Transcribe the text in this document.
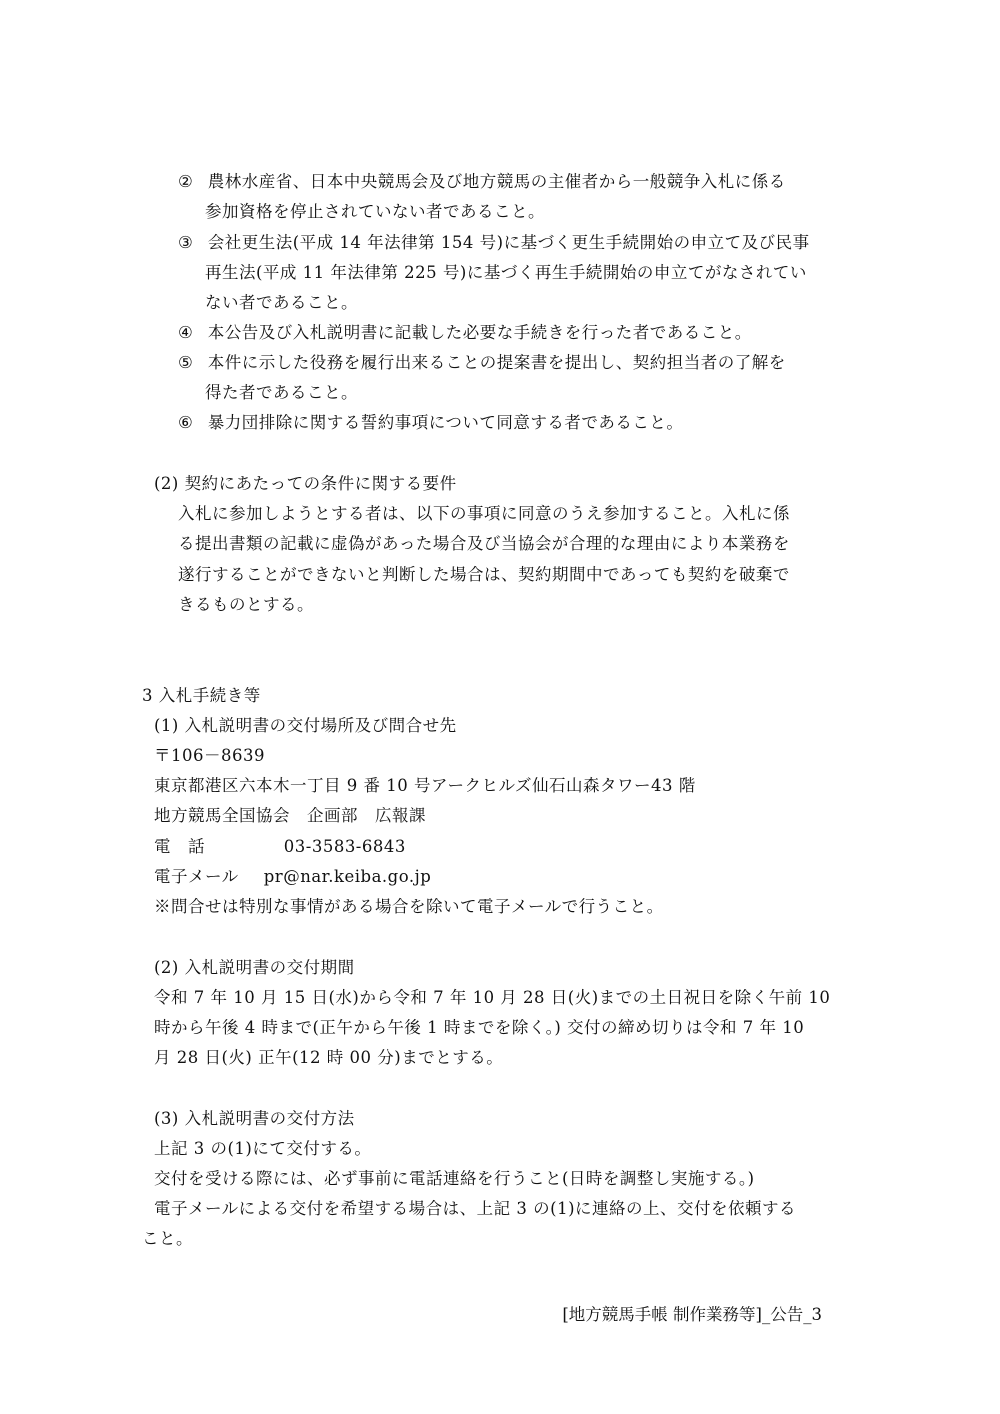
② 農林水産省、日本中央競馬会及び地方競馬の主催者から一般競争入札に係る
参加資格を停止されていない者であること。
③ 会社更生法(平成 14 年法律第 154 号)に基づく更生手続開始の申立て及び民事
再生法(平成 11 年法律第 225 号)に基づく再生手続開始の申立てがなされてい
ない者であること。
④ 本公告及び入札説明書に記載した必要な手続きを行った者であること。
⑤ 本件に示した役務を履行出来ることの提案書を提出し、契約担当者の了解を
得た者であること。
⑥ 暴力団排除に関する誓約事項について同意する者であること。
(2) 契約にあたっての条件に関する要件
入札に参加しようとする者は、以下の事項に同意のうえ参加すること。入札に係
る提出書類の記載に虚偽があった場合及び当協会が合理的な理由により本業務を
遂行することができないと判断した場合は、契約期間中であっても契約を破棄で
きるものとする。
3 入札手続き等
(1) 入札説明書の交付場所及び問合せ先
〒106－8639
東京都港区六本木一丁目 9 番 10 号アークヒルズ仙石山森タワー43 階
地方競馬全国協会　企画部　広報課
電　話	03-3583-6843
電子メール pr@nar.keiba.go.jp
※問合せは特別な事情がある場合を除いて電子メールで行うこと。
(2) 入札説明書の交付期間
令和 7 年 10 月 15 日(水)から令和 7 年 10 月 28 日(火)までの土日祝日を除く午前 10
時から午後 4 時まで(正午から午後 1 時までを除く。) 交付の締め切りは令和 7 年 10
月 28 日(火) 正午(12 時 00 分)までとする。
(3) 入札説明書の交付方法
上記 3 の(1)にて交付する。
交付を受ける際には、必ず事前に電話連絡を行うこと(日時を調整し実施する。)
電子メールによる交付を希望する場合は、上記 3 の(1)に連絡の上、交付を依頼する
こと。
[地方競馬手帳 制作業務等]_公告_3
